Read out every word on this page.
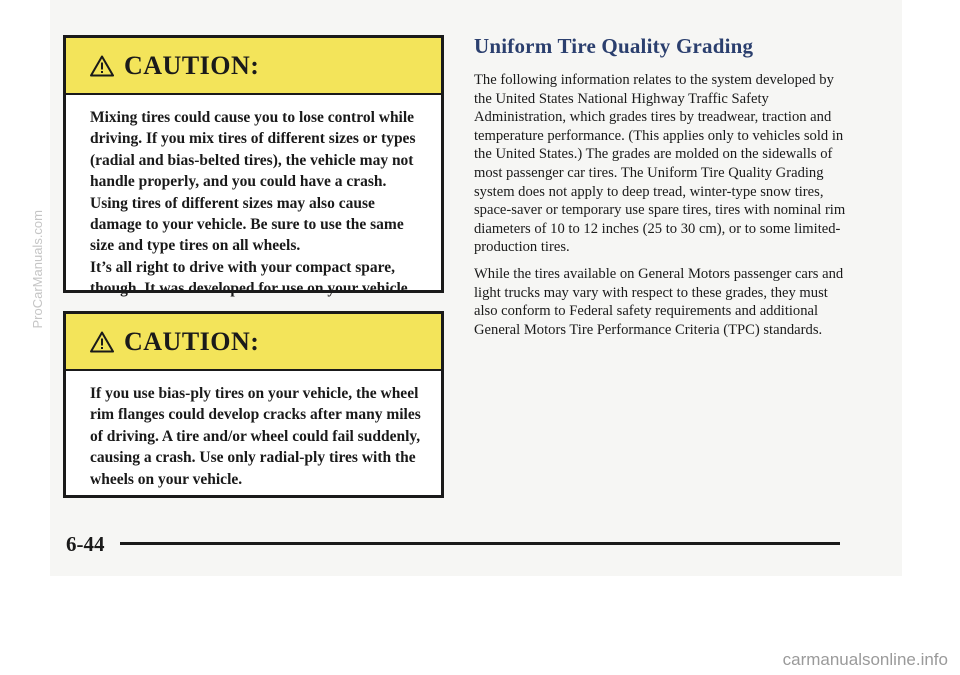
CAUTION:

Mixing tires could cause you to lose control while driving. If you mix tires of different sizes or types (radial and bias-belted tires), the vehicle may not handle properly, and you could have a crash. Using tires of different sizes may also cause damage to your vehicle. Be sure to use the same size and type tires on all wheels.

It’s all right to drive with your compact spare, though. It was developed for use on your vehicle.

CAUTION:

If you use bias-ply tires on your vehicle, the wheel rim flanges could develop cracks after many miles of driving. A tire and/or wheel could fail suddenly, causing a crash. Use only radial-ply tires with the wheels on your vehicle.

Uniform Tire Quality Grading

The following information relates to the system developed by the United States National Highway Traffic Safety Administration, which grades tires by treadwear, traction and temperature performance. (This applies only to vehicles sold in the United States.) The grades are molded on the sidewalls of most passenger car tires. The Uniform Tire Quality Grading system does not apply to deep tread, winter-type snow tires, space-saver or temporary use spare tires, tires with nominal rim diameters of 10 to 12 inches (25 to 30 cm), or to some limited-production tires.

While the tires available on General Motors passenger cars and light trucks may vary with respect to these grades, they must also conform to Federal safety requirements and additional General Motors Tire Performance Criteria (TPC) standards.

6-44
ProCarManuals.com
carmanualsonline.info
